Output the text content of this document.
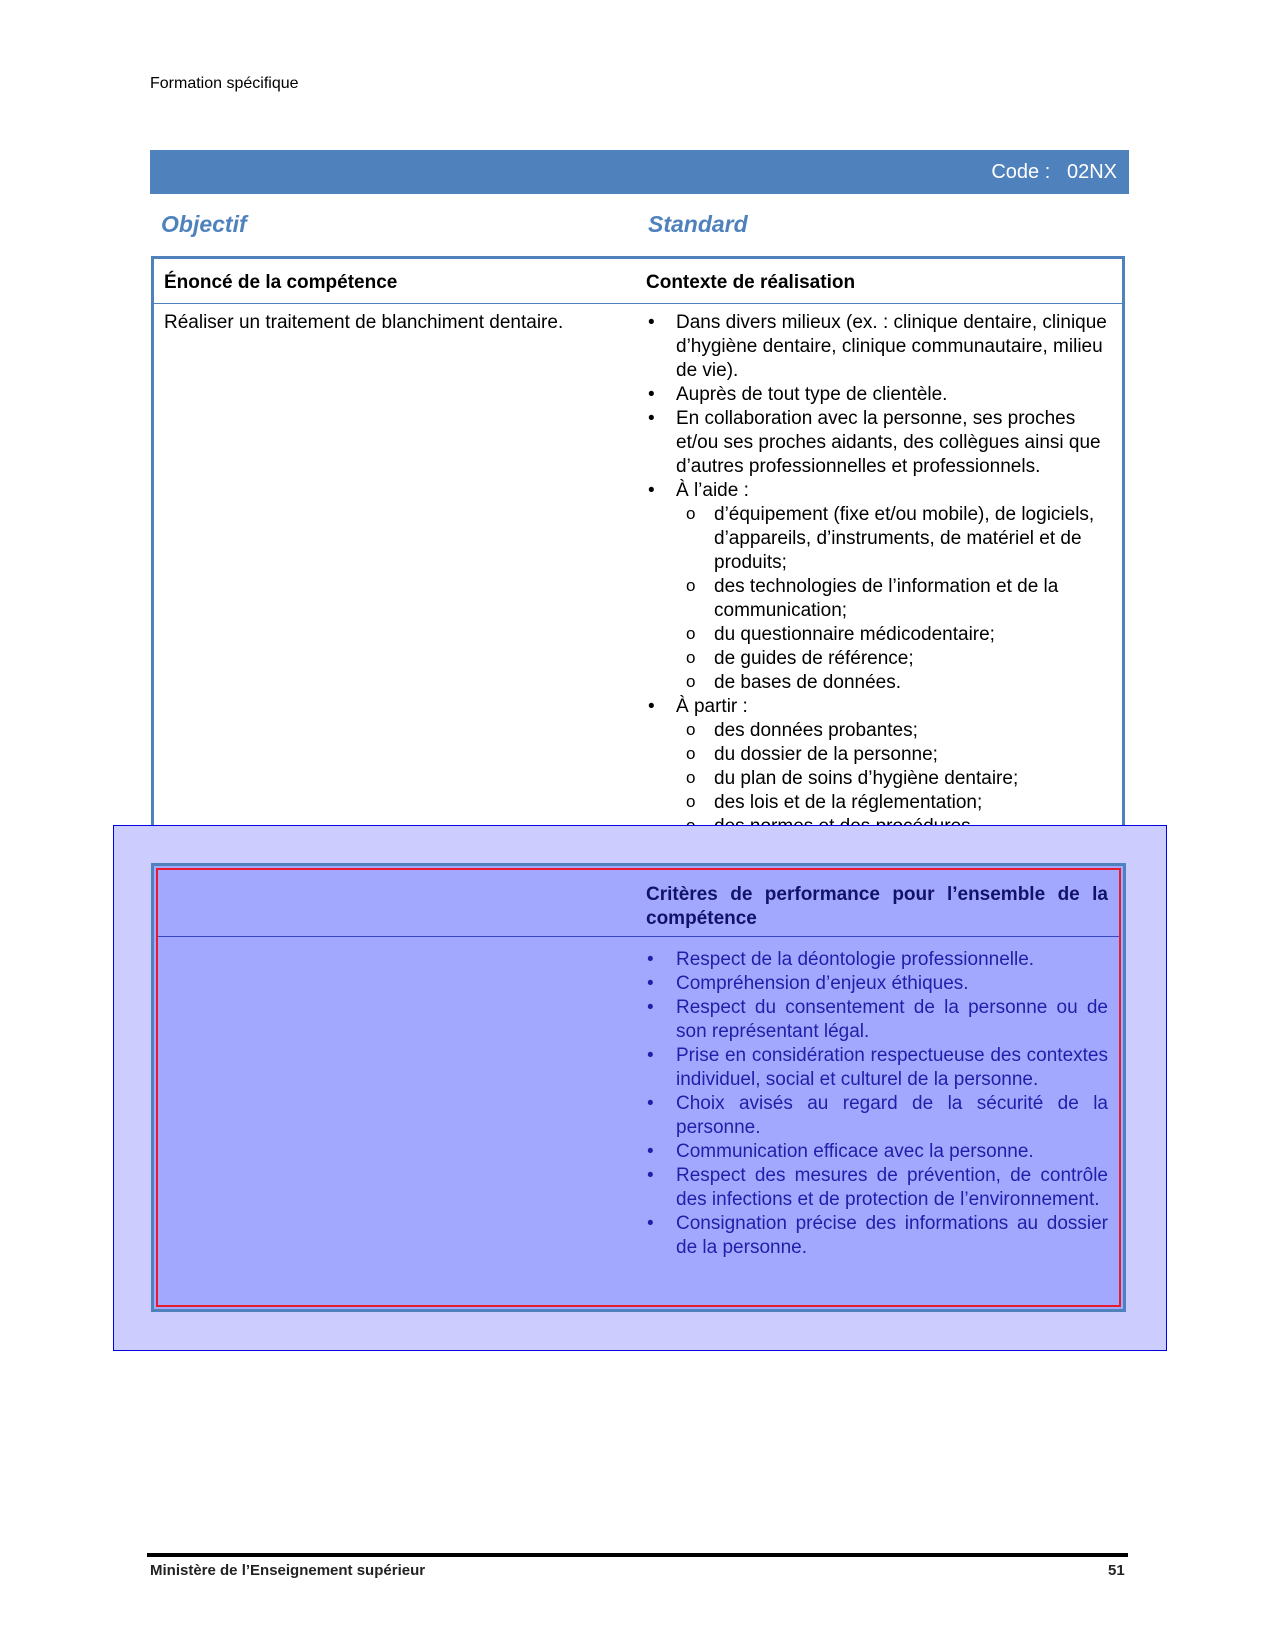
Formation spécifique
Code : 02NX
Objectif	Standard
Énoncé de la compétence	Contexte de réalisation
Réaliser un traitement de blanchiment dentaire.
•	Dans divers milieux (ex. : clinique dentaire, clinique d’hygiène dentaire, clinique communautaire, milieu de vie).
• Auprès de tout type de clientèle.
• En collaboration avec la personne, ses proches et/ou ses proches aidants, des collègues ainsi que d’autres professionnelles et professionnels.
• À l’aide :
o d’équipement (fixe et/ou mobile), de logiciels, d’appareils, d’instruments, de matériel et de produits;
o des technologies de l’information et de la communication;
o du questionnaire médicodentaire;
o de guides de référence;
o de bases de données.
• À partir :
o des données probantes;
o du dossier de la personne;
o du plan de soins d’hygiène dentaire;
o des lois et de la réglementation;
o
Critères de performance pour l’ensemble de la compétence
• Respect de la déontologie professionnelle.
• Compréhension d’enjeux éthiques.
• Respect du consentement de la personne ou de son représentant légal.
• Prise en considération respectueuse des contextes individuel, social et culturel de la personne.
• Choix avisés au regard de la sécurité de la personne.
• Communication efficace avec la personne.
• Respect des mesures de prévention, de contrôle des infections et de protection de l’environnement.
• Consignation précise des informations au dossier de la personne.
Ministère de l’Enseignement supérieur	51
